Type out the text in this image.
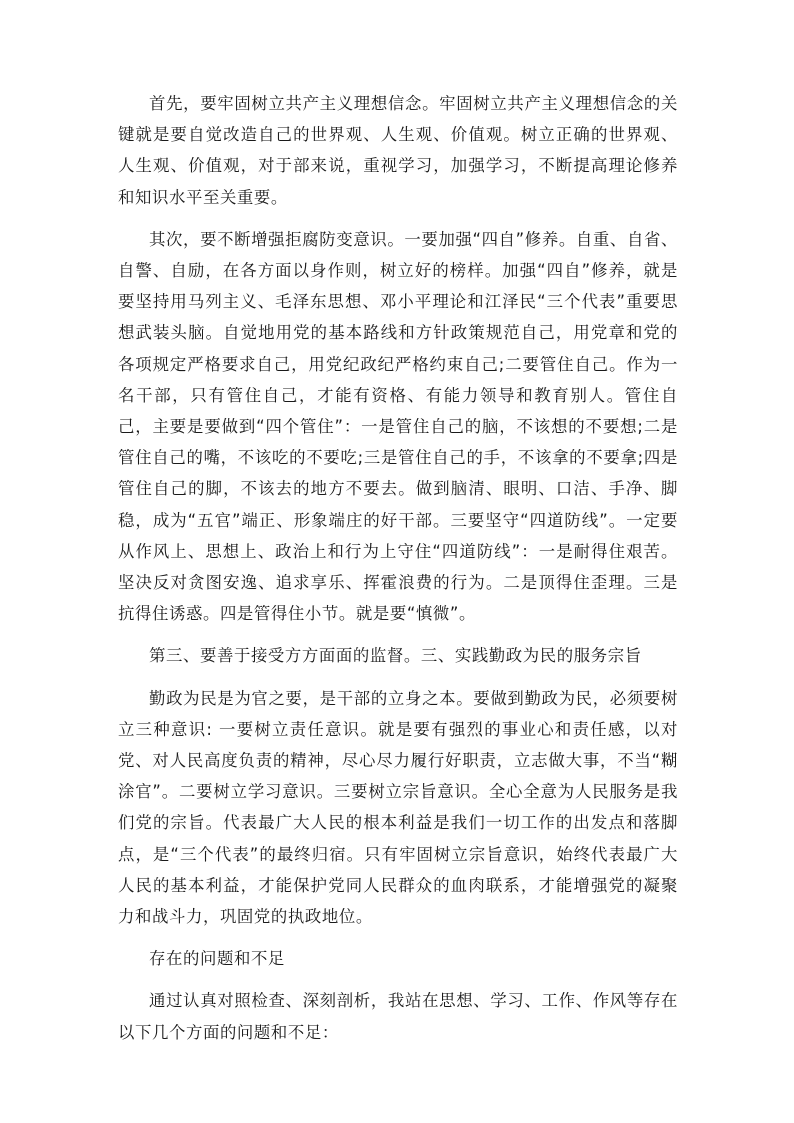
首先，要牢固树立共产主义理想信念。牢固树立共产主义理想信念的关键就是要自觉改造自己的世界观、人生观、价值观。树立正确的世界观、人生观、价值观，对于部来说，重视学习，加强学习，不断提高理论修养和知识水平至关重要。

其次，要不断增强拒腐防变意识。一要加强“四自”修养。自重、自省、自警、自励，在各方面以身作则，树立好的榜样。加强“四自”修养，就是要坚持用马列主义、毛泽东思想、邓小平理论和江泽民“三个代表”重要思想武装头脑。自觉地用党的基本路线和方针政策规范自己，用党章和党的各项规定严格要求自己，用党纪政纪严格约束自己;二要管住自己。作为一名干部，只有管住自己，才能有资格、有能力领导和教育别人。管住自己，主要是要做到“四个管住”：一是管住自己的脑，不该想的不要想;二是管住自己的嘴，不该吃的不要吃;三是管住自己的手，不该拿的不要拿;四是管住自己的脚，不该去的地方不要去。做到脑清、眼明、口洁、手净、脚稳，成为“五官”端正、形象端庄的好干部。三要坚守“四道防线”。一定要从作风上、思想上、政治上和行为上守住“四道防线”：一是耐得住艰苦。坚决反对贪图安逸、追求享乐、挥霍浪费的行为。二是顶得住歪理。三是抗得住诱惑。四是管得住小节。就是要“慎微”。

第三、要善于接受方方面面的监督。三、实践勤政为民的服务宗旨

勤政为民是为官之要，是干部的立身之本。要做到勤政为民，必须要树立三种意识: 一要树立责任意识。就是要有强烈的事业心和责任感，以对党、对人民高度负责的精神，尽心尽力履行好职责，立志做大事，不当“糊涂官”。二要树立学习意识。三要树立宗旨意识。全心全意为人民服务是我们党的宗旨。代表最广大人民的根本利益是我们一切工作的出发点和落脚点，是“三个代表”的最终归宿。只有牢固树立宗旨意识，始终代表最广大人民的基本利益，才能保护党同人民群众的血肉联系，才能增强党的凝聚力和战斗力，巩固党的执政地位。

存在的问题和不足

通过认真对照检查、深刻剖析，我站在思想、学习、工作、作风等存在以下几个方面的问题和不足：
